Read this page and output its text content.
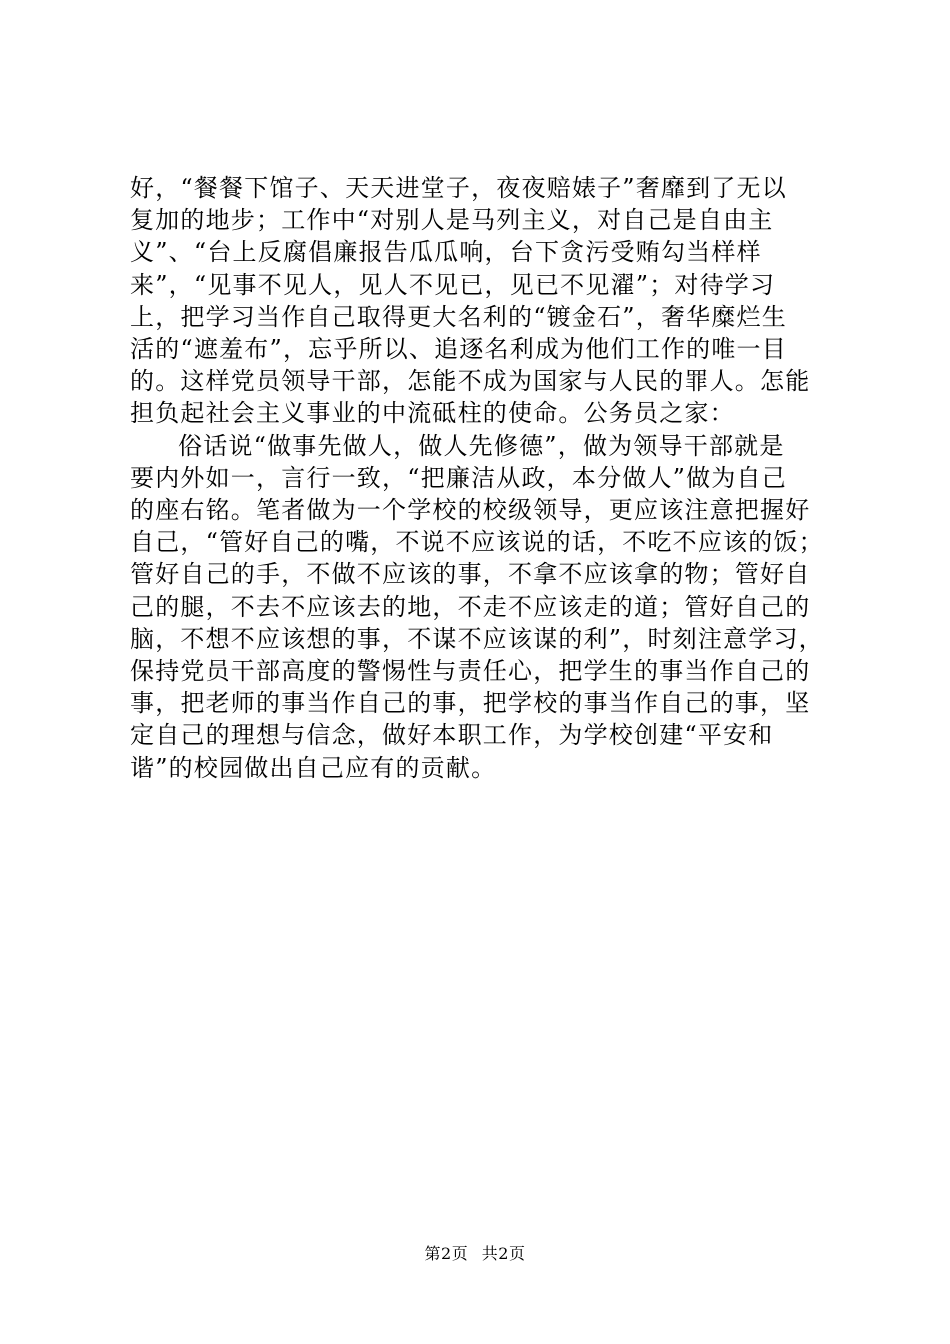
好，“餐餐下馆子、天天进堂子，夜夜赔婊子”奢靡到了无以
复加的地步；工作中“对别人是马列主义，对自己是自由主
义”、“台上反腐倡廉报告瓜瓜响，台下贪污受贿勾当样样
来”，“见事不见人，见人不见已，见已不见濯”；对待学习
上，把学习当作自己取得更大名利的“镀金石”，奢华糜烂生
活的“遮羞布”，忘乎所以、追逐名利成为他们工作的唯一目
的。这样党员领导干部，怎能不成为国家与人民的罪人。怎能
担负起社会主义事业的中流砥柱的使命。公务员之家：
俗话说“做事先做人，做人先修德”，做为领导干部就是
要内外如一，言行一致，“把廉洁从政，本分做人”做为自己
的座右铭。笔者做为一个学校的校级领导，更应该注意把握好
自己，“管好自己的嘴，不说不应该说的话，不吃不应该的饭；
管好自己的手，不做不应该的事，不拿不应该拿的物；管好自
己的腿，不去不应该去的地，不走不应该走的道；管好自己的
脑，不想不应该想的事，不谋不应该谋的利”，时刻注意学习，
保持党员干部高度的警惕性与责任心，把学生的事当作自己的
事，把老师的事当作自己的事，把学校的事当作自己的事，坚
定自己的理想与信念，做好本职工作，为学校创建“平安和
谐”的校园做出自己应有的贡献。
第2页 共2页
